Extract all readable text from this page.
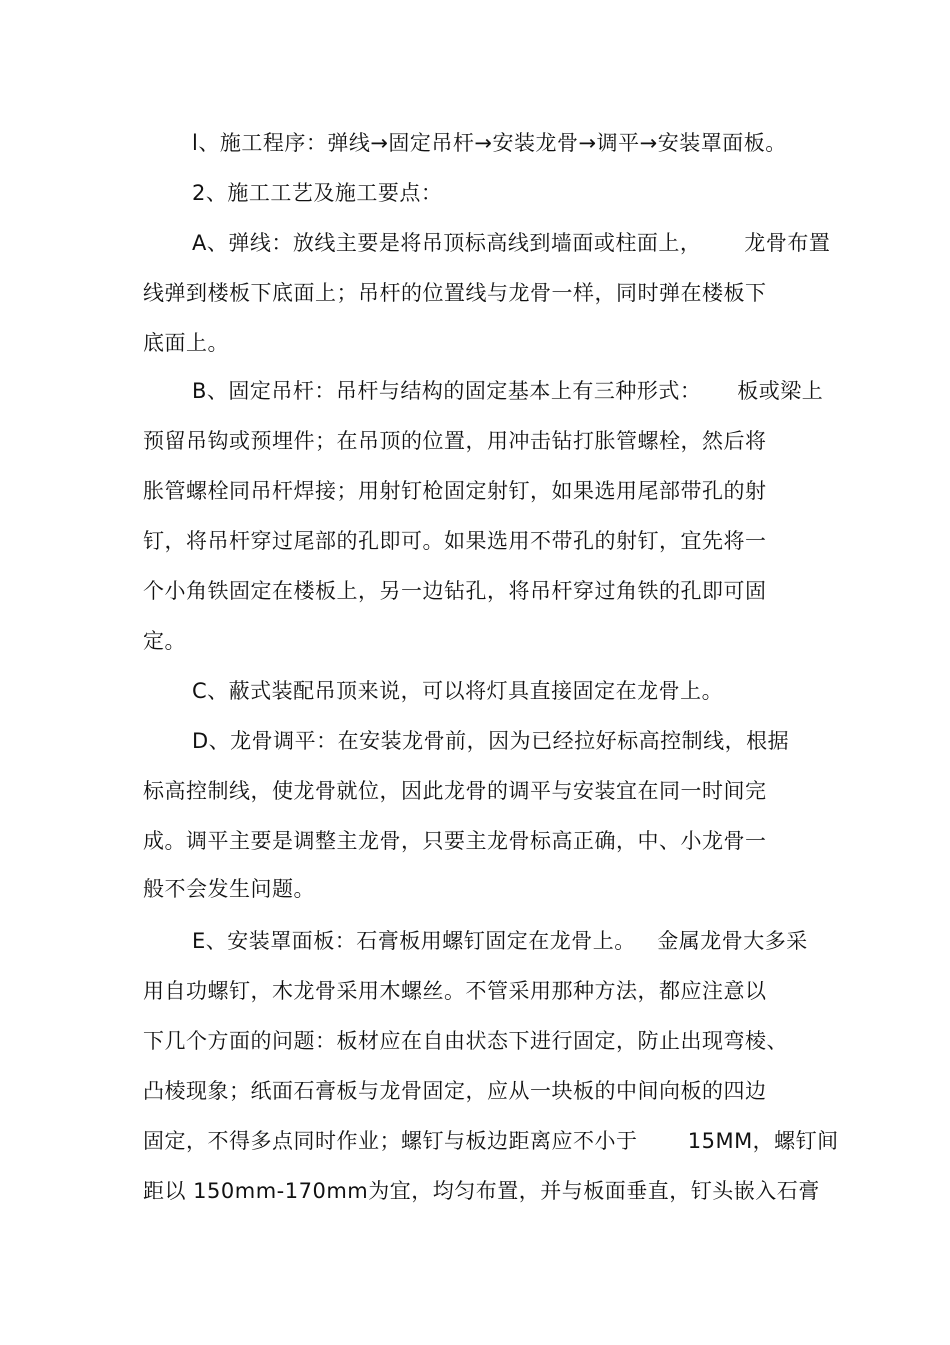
l、施工程序：弹线→固定吊杆→安装龙骨→调平→安装罩面板。
2、施工工艺及施工要点：
A、弹线：放线主要是将吊顶标高线到墙面或柱面上，      龙骨布置
线弹到楼板下底面上；吊杆的位置线与龙骨一样，同时弹在楼板下
底面上。
B、固定吊杆：吊杆与结构的固定基本上有三种形式：     板或梁上
预留吊钩或预埋件；在吊顶的位置，用冲击钻打胀管螺栓，然后将
胀管螺栓同吊杆焊接；用射钉枪固定射钉，如果选用尾部带孔的射
钉，将吊杆穿过尾部的孔即可。如果选用不带孔的射钉，宜先将一
个小角铁固定在楼板上，另一边钻孔，将吊杆穿过角铁的孔即可固
定。
C、蔽式装配吊顶来说，可以将灯具直接固定在龙骨上。
D、龙骨调平：在安装龙骨前，因为已经拉好标高控制线，根据
标高控制线，使龙骨就位，因此龙骨的调平与安装宜在同一时间完
成。调平主要是调整主龙骨，只要主龙骨标高正确，中、小龙骨一
般不会发生问题。
E、安装罩面板：石膏板用螺钉固定在龙骨上。   金属龙骨大多采
用自功螺钉，木龙骨采用木螺丝。不管采用那种方法，都应注意以
下几个方面的问题：板材应在自由状态下进行固定，防止出现弯棱、
凸棱现象；纸面石膏板与龙骨固定，应从一块板的中间向板的四边
固定，不得多点同时作业；螺钉与板边距离应不小于       15MM，螺钉间
距以 150mm-170mm为宜，均匀布置，并与板面垂直，钉头嵌入石膏
